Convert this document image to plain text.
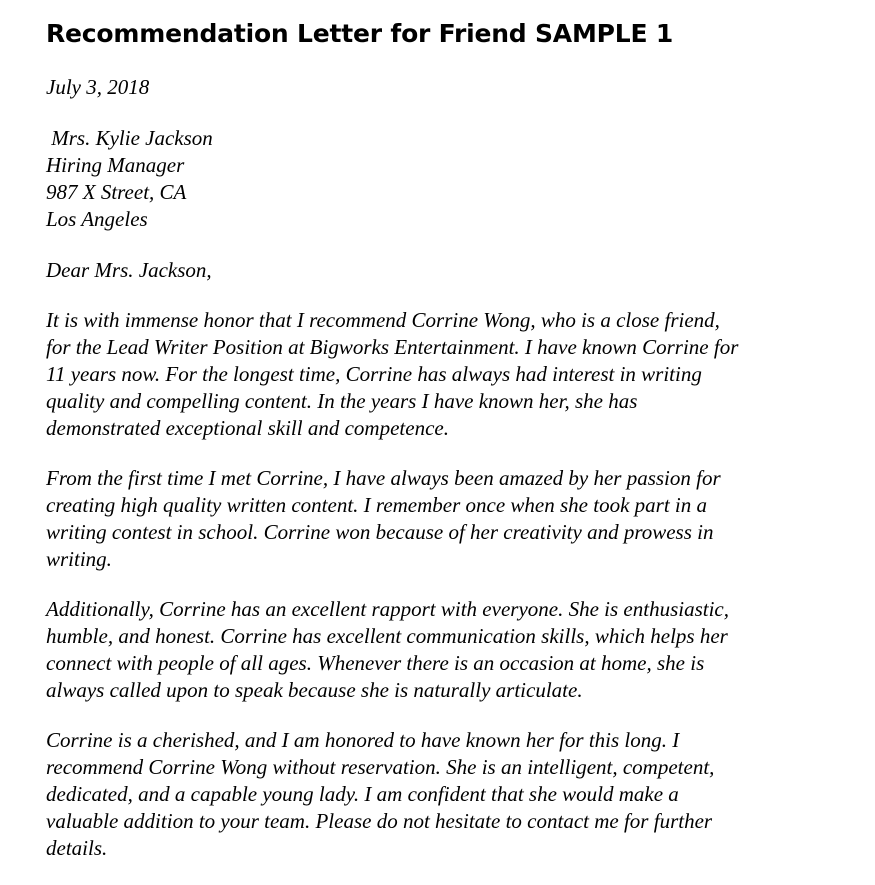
Recommendation Letter for Friend SAMPLE 1

July 3, 2018

Mrs. Kylie Jackson
Hiring Manager
987 X Street, CA
Los Angeles

Dear Mrs. Jackson,

It is with immense honor that I recommend Corrine Wong, who is a close friend,
for the Lead Writer Position at Bigworks Entertainment. I have known Corrine for
11 years now. For the longest time, Corrine has always had interest in writing
quality and compelling content. In the years I have known her, she has
demonstrated exceptional skill and competence.

From the first time I met Corrine, I have always been amazed by her passion for
creating high quality written content. I remember once when she took part in a
writing contest in school. Corrine won because of her creativity and prowess in
writing.

Additionally, Corrine has an excellent rapport with everyone. She is enthusiastic,
humble, and honest. Corrine has excellent communication skills, which helps her
connect with people of all ages. Whenever there is an occasion at home, she is
always called upon to speak because she is naturally articulate.

Corrine is a cherished, and I am honored to have known her for this long. I
recommend Corrine Wong without reservation. She is an intelligent, competent,
dedicated, and a capable young lady. I am confident that she would make a
valuable addition to your team. Please do not hesitate to contact me for further
details.
